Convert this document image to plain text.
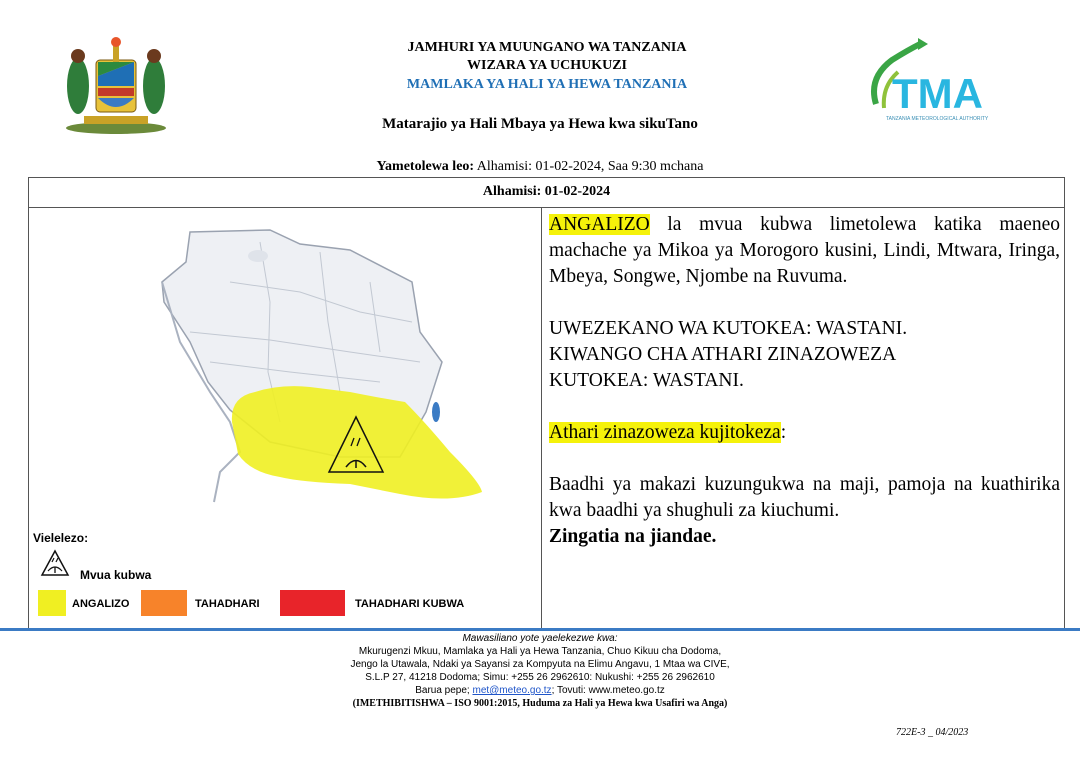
JAMHURI YA MUUNGANO WA TANZANIA
WIZARA YA UCHUKUZI
MAMLAKA YA HALI YA HEWA TANZANIA	TMA
TANZANIA METEOROLOGICAL AUTHORITY
Matarajio ya Hali Mbaya ya Hewa kwa sikuTano
Yametolewa leo: Alhamisi: 01-02-2024, Saa 9:30 mchana
Alhamisi: 01-02-2024
Vielelezo:
Mvua kubwa
ANGALIZO	TAHADHARI	TAHADHARI KUBWA

ANGALIZO la mvua kubwa limetolewa katika maeneo machache ya Mikoa ya Morogoro kusini, Lindi, Mtwara, Iringa, Mbeya, Songwe, Njombe na Ruvuma.

UWEZEKANO WA KUTOKEA: WASTANI.

KIWANGO CHA ATHARI ZINAZOWEZA

KUTOKEA: WASTANI.

Athari zinazoweza kujitokeza:

Baadhi ya makazi kuzungukwa na maji, pamoja na kuathirika kwa baadhi ya shughuli za kiuchumi.

Zingatia na jiandae.

Mawasiliano yote yaelekezwe kwa:
Mkurugenzi Mkuu, Mamlaka ya Hali ya Hewa Tanzania, Chuo Kikuu cha Dodoma,
Jengo la Utawala, Ndaki ya Sayansi za Kompyuta na Elimu Angavu, 1 Mtaa wa CIVE,
S.L.P 27, 41218 Dodoma; Simu: +255 26 2962610: Nukushi: +255 26 2962610
Barua pepe; met@meteo.go.tz; Tovuti: www.meteo.go.tz
(IMETHIBITISHWA – ISO 9001:2015, Huduma za Hali ya Hewa kwa Usafiri wa Anga)
722E-3 _ 04/2023
